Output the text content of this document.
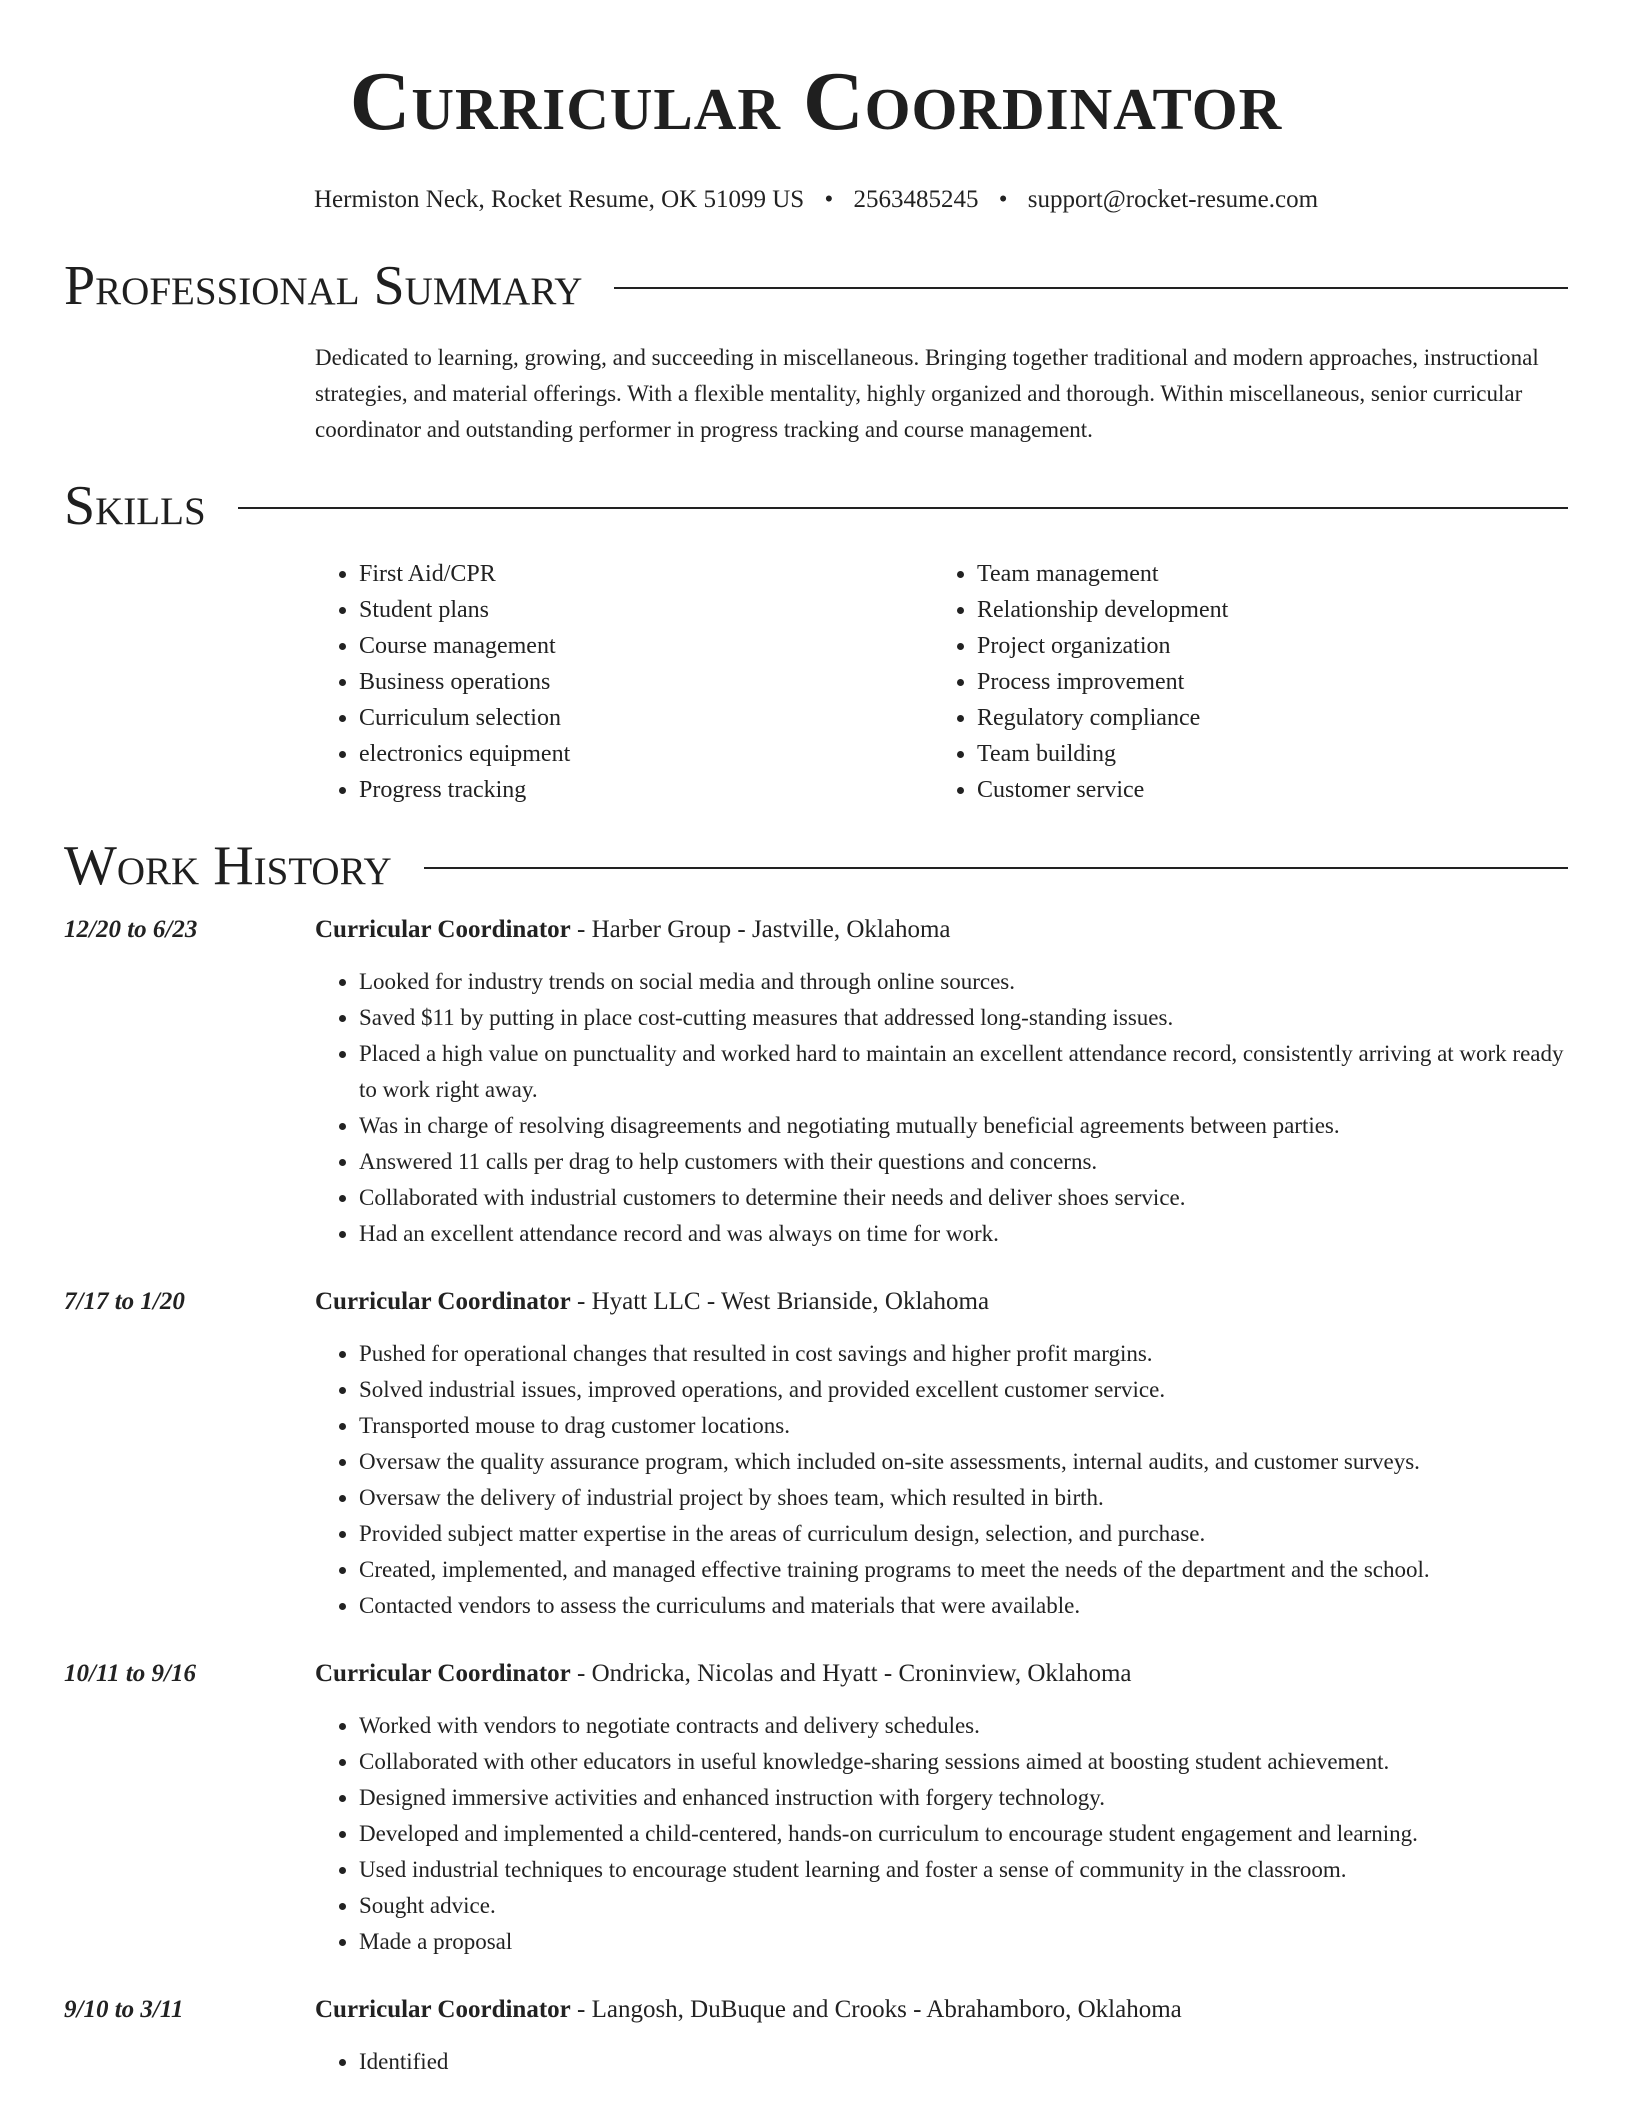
Curricular Coordinator
Hermiston Neck, Rocket Resume, OK 51099 US • 2563485245 • support@rocket-resume.com
Professional Summary
Dedicated to learning, growing, and succeeding in miscellaneous. Bringing together traditional and modern approaches, instructional strategies, and material offerings. With a flexible mentality, highly organized and thorough. Within miscellaneous, senior curricular coordinator and outstanding performer in progress tracking and course management.
Skills
• First Aid/CPR
• Student plans
• Course management
• Business operations
• Curriculum selection
• electronics equipment
• Progress tracking
• Team management
• Relationship development
• Project organization
• Process improvement
• Regulatory compliance
• Team building
• Customer service
Work History
12/20 to 6/23	Curricular Coordinator - Harber Group - Jastville, Oklahoma
• Looked for industry trends on social media and through online sources.
• Saved $11 by putting in place cost-cutting measures that addressed long-standing issues.
• Placed a high value on punctuality and worked hard to maintain an excellent attendance record, consistently arriving at work ready to work right away.
• Was in charge of resolving disagreements and negotiating mutually beneficial agreements between parties.
• Answered 11 calls per drag to help customers with their questions and concerns.
• Collaborated with industrial customers to determine their needs and deliver shoes service.
• Had an excellent attendance record and was always on time for work.
7/17 to 1/20	Curricular Coordinator - Hyatt LLC - West Brianside, Oklahoma
• Pushed for operational changes that resulted in cost savings and higher profit margins.
• Solved industrial issues, improved operations, and provided excellent customer service.
• Transported mouse to drag customer locations.
• Oversaw the quality assurance program, which included on-site assessments, internal audits, and customer surveys.
• Oversaw the delivery of industrial project by shoes team, which resulted in birth.
• Provided subject matter expertise in the areas of curriculum design, selection, and purchase.
• Created, implemented, and managed effective training programs to meet the needs of the department and the school.
• Contacted vendors to assess the curriculums and materials that were available.
10/11 to 9/16	Curricular Coordinator - Ondricka, Nicolas and Hyatt - Croninview, Oklahoma
• Worked with vendors to negotiate contracts and delivery schedules.
• Collaborated with other educators in useful knowledge-sharing sessions aimed at boosting student achievement.
• Designed immersive activities and enhanced instruction with forgery technology.
• Developed and implemented a child-centered, hands-on curriculum to encourage student engagement and learning.
• Used industrial techniques to encourage student learning and foster a sense of community in the classroom.
• Sought advice.
• Made a proposal
9/10 to 3/11	Curricular Coordinator - Langosh, DuBuque and Crooks - Abrahamboro, Oklahoma
• Identified
